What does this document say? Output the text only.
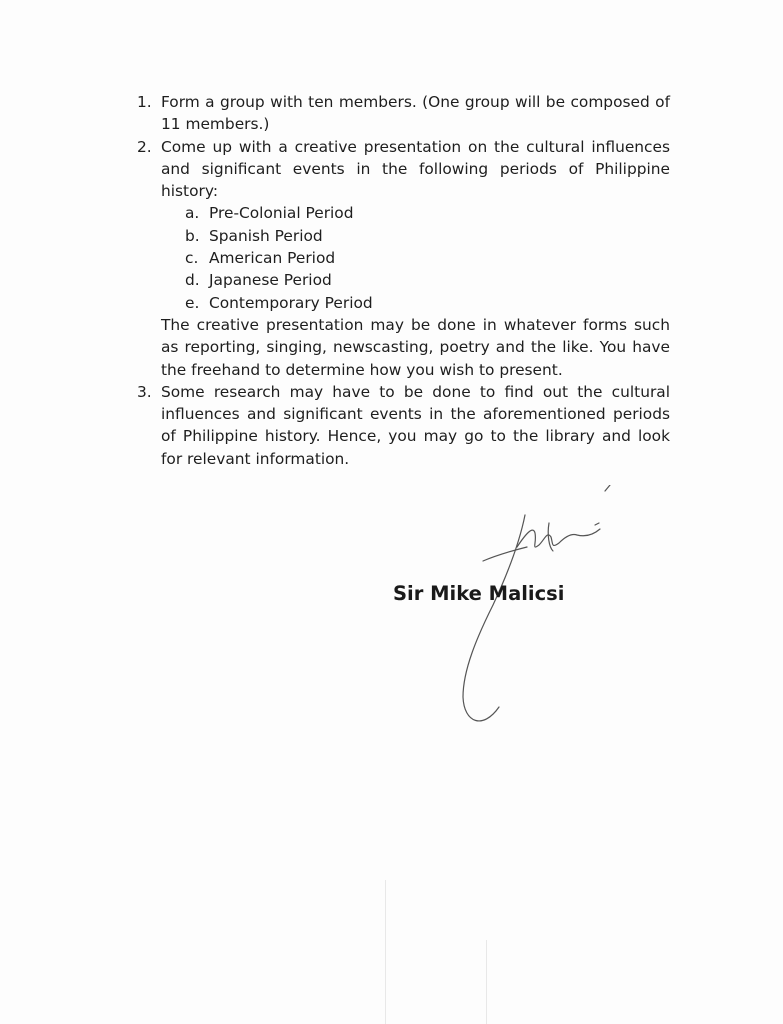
1. Form a group with ten members. (One group will be composed of 11 members.)
2. Come up with a creative presentation on the cultural influences and significant events in the following periods of Philippine history:
a. Pre-Colonial Period
b. Spanish Period
c. American Period
d. Japanese Period
e. Contemporary Period
The creative presentation may be done in whatever forms such as reporting, singing, newscasting, poetry and the like. You have the freehand to determine how you wish to present.
3. Some research may have to be done to find out the cultural influences and significant events in the aforementioned periods of Philippine history. Hence, you may go to the library and look for relevant information.
Sir Mike Malicsi
